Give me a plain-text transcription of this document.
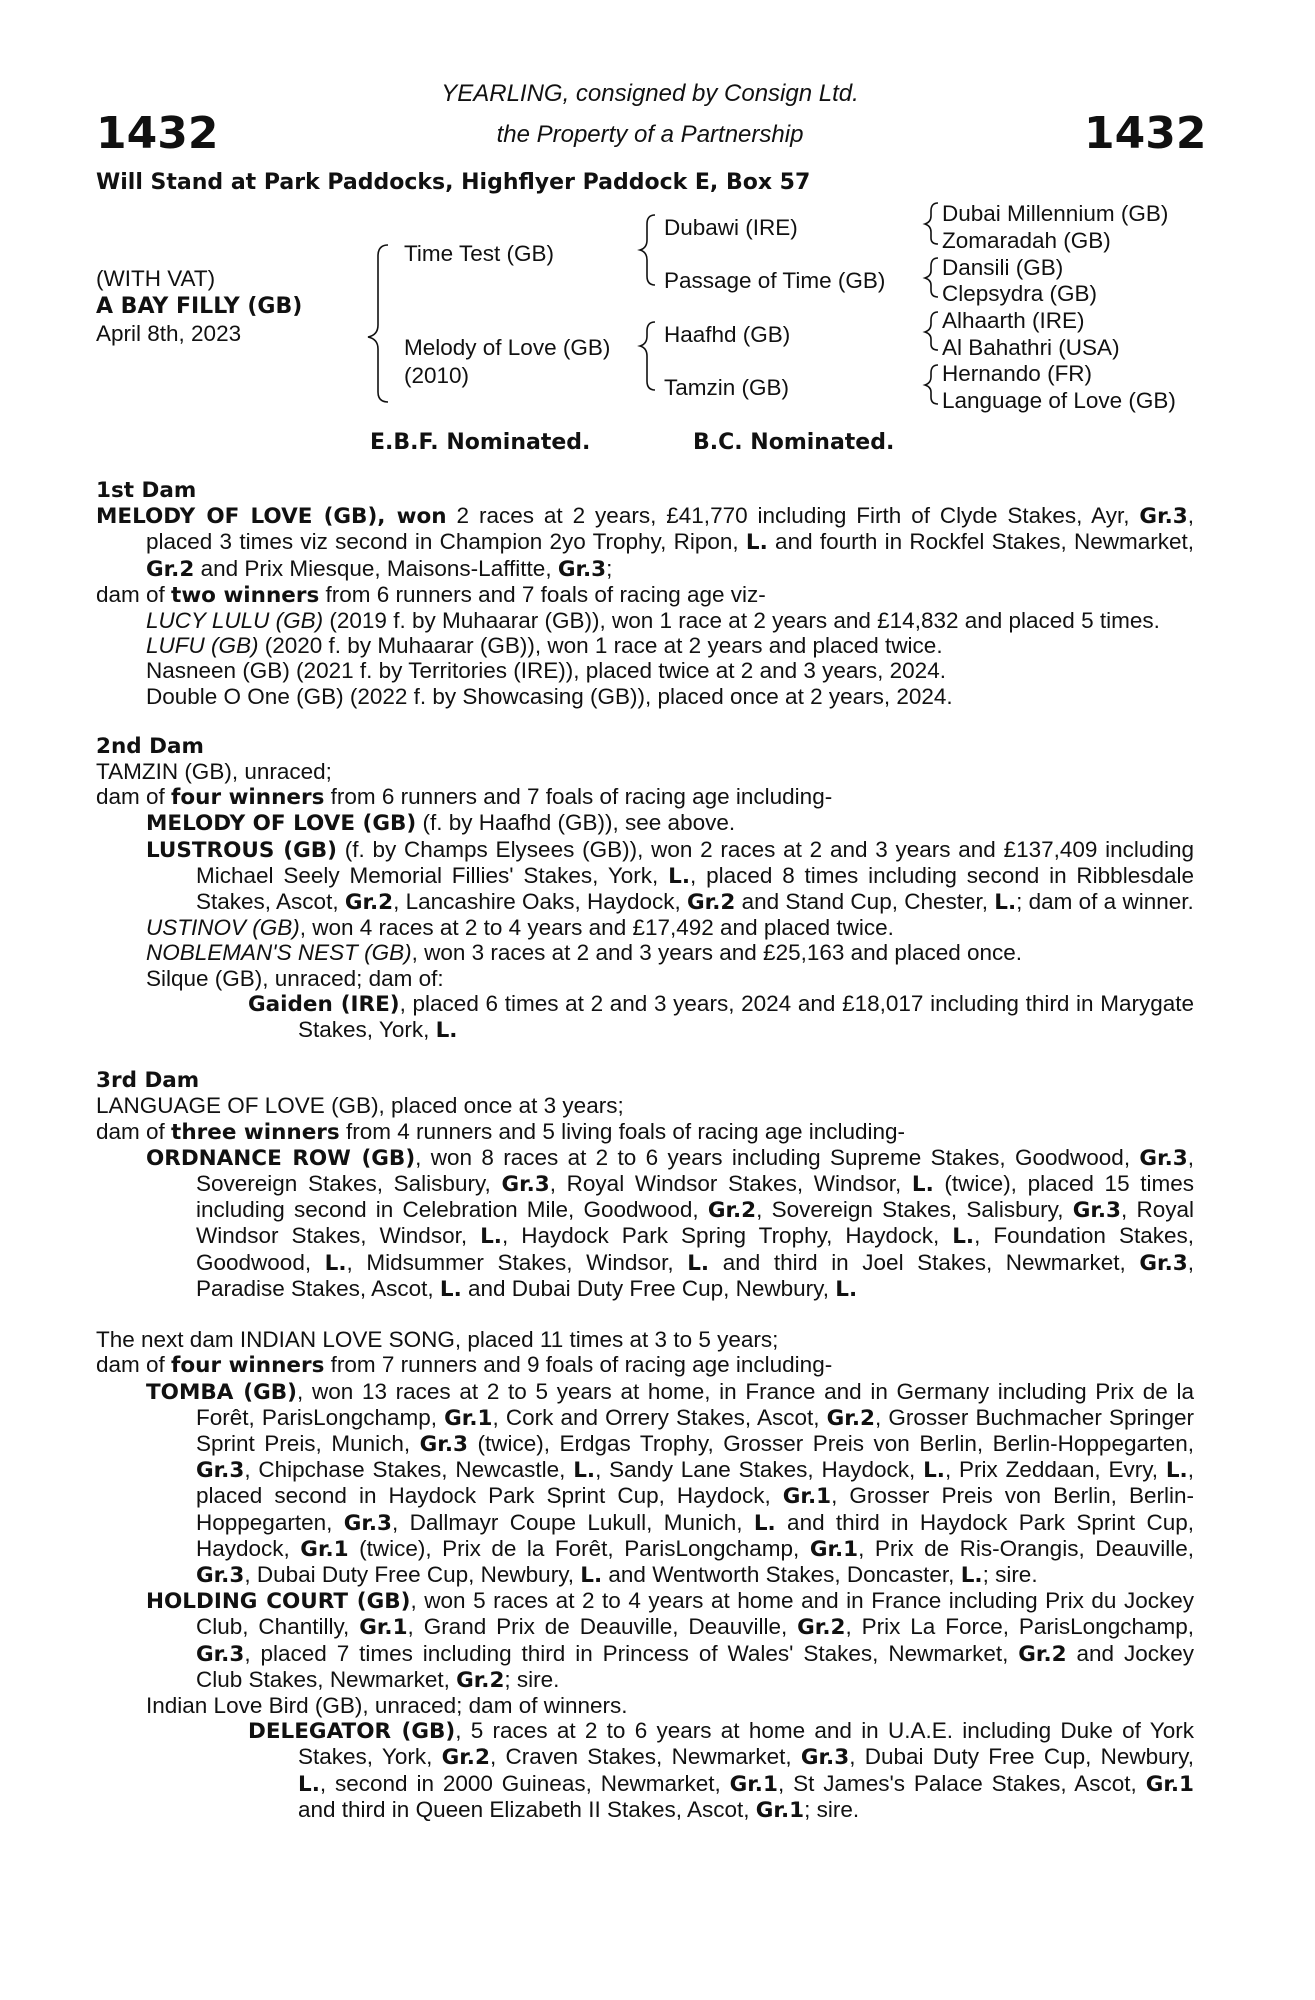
1432	1432
YEARLING, consigned by Consign Ltd.
the Property of a Partnership
Will Stand at Park Paddocks, Highflyer Paddock E, Box 57
(WITH VAT)
A BAY FILLY (GB)
April 8th, 2023
Time Test (GB)
Melody of Love (GB)
(2010)
Dubawi (IRE)
Passage of Time (GB)
Haafhd (GB)
Tamzin (GB)
Dubai Millennium (GB)
Zomaradah (GB)
Dansili (GB)
Clepsydra (GB)
Alhaarth (IRE)
Al Bahathri (USA)
Hernando (FR)
Language of Love (GB)
E.B.F. Nominated.	B.C. Nominated.
1st Dam
MELODY OF LOVE (GB), won 2 races at 2 years, £41,770 including Firth of Clyde Stakes, Ayr, Gr.3, placed 3 times viz second in Champion 2yo Trophy, Ripon, L. and fourth in Rockfel Stakes, Newmarket, Gr.2 and Prix Miesque, Maisons-Laffitte, Gr.3;
dam of two winners from 6 runners and 7 foals of racing age viz-
LUCY LULU (GB) (2019 f. by Muhaarar (GB)), won 1 race at 2 years and £14,832 and placed 5 times.
LUFU (GB) (2020 f. by Muhaarar (GB)), won 1 race at 2 years and placed twice.
Nasneen (GB) (2021 f. by Territories (IRE)), placed twice at 2 and 3 years, 2024.
Double O One (GB) (2022 f. by Showcasing (GB)), placed once at 2 years, 2024.
2nd Dam
TAMZIN (GB), unraced;
dam of four winners from 6 runners and 7 foals of racing age including-
MELODY OF LOVE (GB) (f. by Haafhd (GB)), see above.
LUSTROUS (GB) (f. by Champs Elysees (GB)), won 2 races at 2 and 3 years and £137,409 including Michael Seely Memorial Fillies' Stakes, York, L., placed 8 times including second in Ribblesdale Stakes, Ascot, Gr.2, Lancashire Oaks, Haydock, Gr.2 and Stand Cup, Chester, L.; dam of a winner.
USTINOV (GB), won 4 races at 2 to 4 years and £17,492 and placed twice.
NOBLEMAN'S NEST (GB), won 3 races at 2 and 3 years and £25,163 and placed once.
Silque (GB), unraced; dam of:
Gaiden (IRE), placed 6 times at 2 and 3 years, 2024 and £18,017 including third in Marygate Stakes, York, L.
3rd Dam
LANGUAGE OF LOVE (GB), placed once at 3 years;
dam of three winners from 4 runners and 5 living foals of racing age including-
ORDNANCE ROW (GB), won 8 races at 2 to 6 years including Supreme Stakes, Goodwood, Gr.3, Sovereign Stakes, Salisbury, Gr.3, Royal Windsor Stakes, Windsor, L. (twice), placed 15 times including second in Celebration Mile, Goodwood, Gr.2, Sovereign Stakes, Salisbury, Gr.3, Royal Windsor Stakes, Windsor, L., Haydock Park Spring Trophy, Haydock, L., Foundation Stakes, Goodwood, L., Midsummer Stakes, Windsor, L. and third in Joel Stakes, Newmarket, Gr.3, Paradise Stakes, Ascot, L. and Dubai Duty Free Cup, Newbury, L.
The next dam INDIAN LOVE SONG, placed 11 times at 3 to 5 years;
dam of four winners from 7 runners and 9 foals of racing age including-
TOMBA (GB), won 13 races at 2 to 5 years at home, in France and in Germany including Prix de la Forêt, ParisLongchamp, Gr.1, Cork and Orrery Stakes, Ascot, Gr.2, Grosser Buchmacher Springer Sprint Preis, Munich, Gr.3 (twice), Erdgas Trophy, Grosser Preis von Berlin, Berlin-Hoppegarten, Gr.3, Chipchase Stakes, Newcastle, L., Sandy Lane Stakes, Haydock, L., Prix Zeddaan, Evry, L., placed second in Haydock Park Sprint Cup, Haydock, Gr.1, Grosser Preis von Berlin, Berlin-Hoppegarten, Gr.3, Dallmayr Coupe Lukull, Munich, L. and third in Haydock Park Sprint Cup, Haydock, Gr.1 (twice), Prix de la Forêt, ParisLongchamp, Gr.1, Prix de Ris-Orangis, Deauville, Gr.3, Dubai Duty Free Cup, Newbury, L. and Wentworth Stakes, Doncaster, L.; sire.
HOLDING COURT (GB), won 5 races at 2 to 4 years at home and in France including Prix du Jockey Club, Chantilly, Gr.1, Grand Prix de Deauville, Deauville, Gr.2, Prix La Force, ParisLongchamp, Gr.3, placed 7 times including third in Princess of Wales' Stakes, Newmarket, Gr.2 and Jockey Club Stakes, Newmarket, Gr.2; sire.
Indian Love Bird (GB), unraced; dam of winners.
DELEGATOR (GB), 5 races at 2 to 6 years at home and in U.A.E. including Duke of York Stakes, York, Gr.2, Craven Stakes, Newmarket, Gr.3, Dubai Duty Free Cup, Newbury, L., second in 2000 Guineas, Newmarket, Gr.1, St James's Palace Stakes, Ascot, Gr.1 and third in Queen Elizabeth II Stakes, Ascot, Gr.1; sire.
